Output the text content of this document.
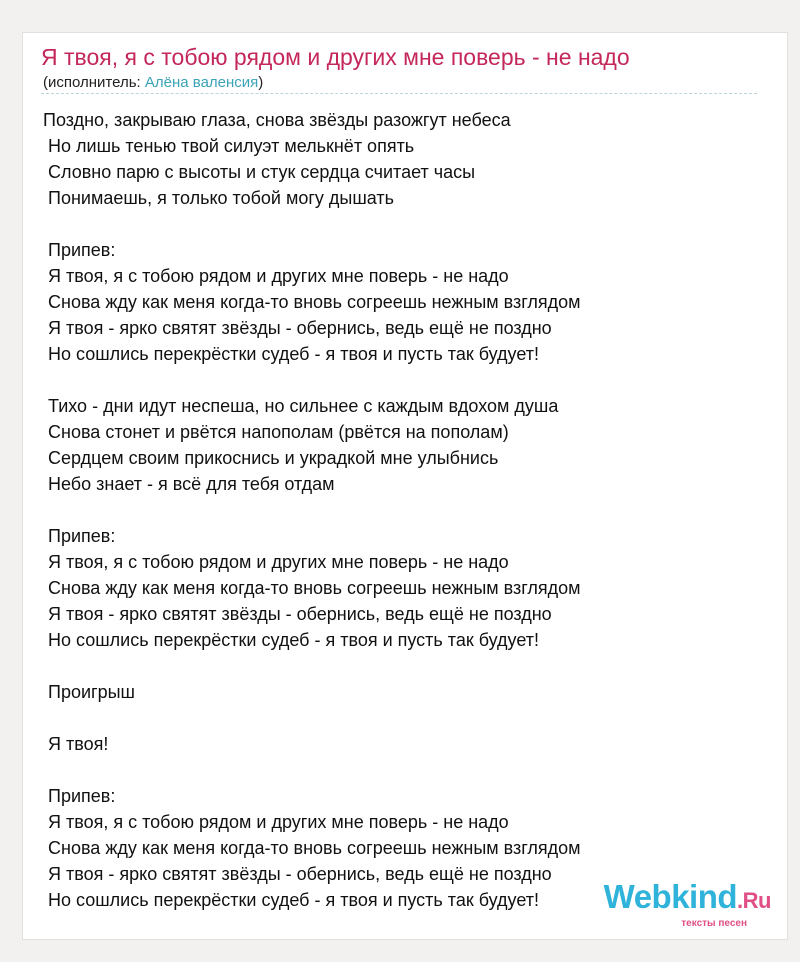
Я твоя, я с тобою рядом и других мне поверь - не надо
(исполнитель: Алёна валенсия)
Поздно, закрываю глаза, снова звёзды разожгут небеса
Но лишь тенью твой силуэт мелькнёт опять
Словно парю с высоты и стук сердца считает часы
Понимаешь, я только тобой могу дышать
Припев:
Я твоя, я с тобою рядом и других мне поверь - не надо
Снова жду как меня когда-то вновь согреешь нежным взглядом
Я твоя - ярко святят звёзды - обернись, ведь ещё не поздно
Но сошлись перекрёстки судеб - я твоя и пусть так будует!
Тихо - дни идут неспеша, но сильнее с каждым вдохом душа
Снова стонет и рвётся напополам (рвётся на пополам)
Сердцем своим прикоснись и украдкой мне улыбнись
Небо знает - я всё для тебя отдам
Припев:
Я твоя, я с тобою рядом и других мне поверь - не надо
Снова жду как меня когда-то вновь согреешь нежным взглядом
Я твоя - ярко святят звёзды - обернись, ведь ещё не поздно
Но сошлись перекрёстки судеб - я твоя и пусть так будует!
Проигрыш
Я твоя!
Припев:
Я твоя, я с тобою рядом и других мне поверь - не надо
Снова жду как меня когда-то вновь согреешь нежным взглядом
Я твоя - ярко святят звёзды - обернись, ведь ещё не поздно
Но сошлись перекрёстки судеб - я твоя и пусть так будует!	Webkind.Ru
тексты песен
